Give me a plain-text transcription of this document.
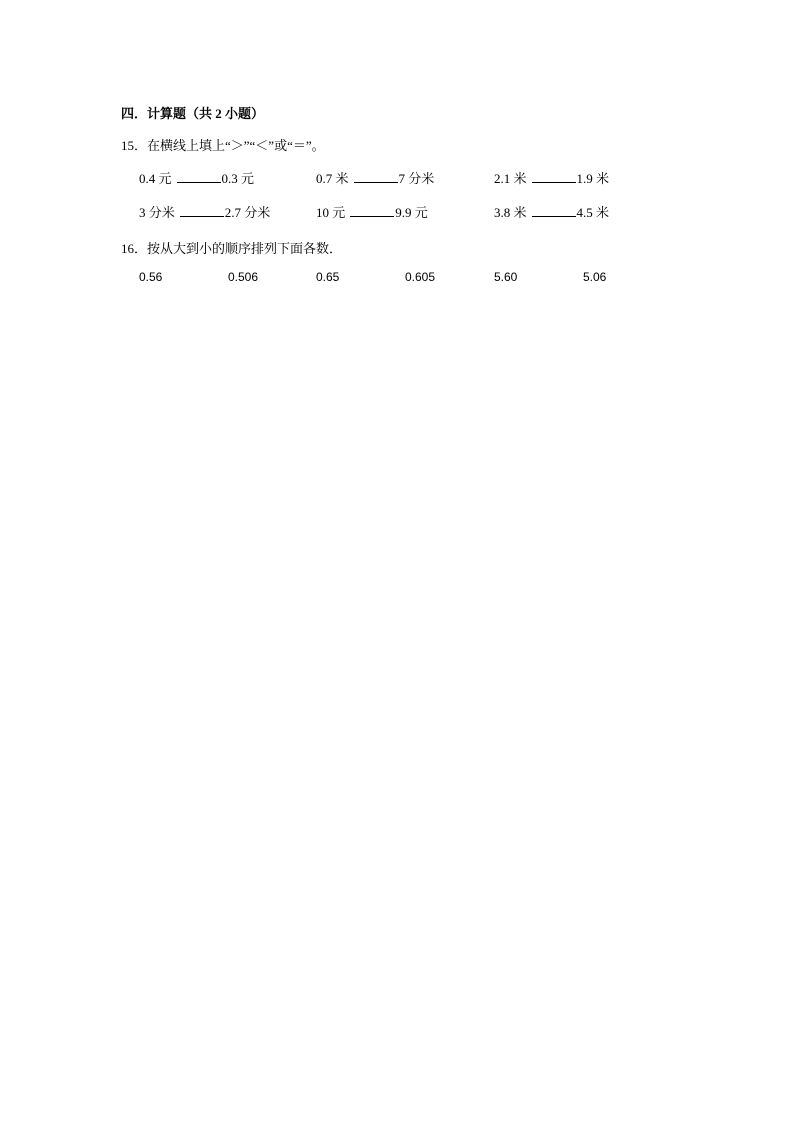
四．计算题（共 2 小题）
15．在横线上填上“＞”“＜”或“＝”。
0.4 元	0.3 元	0.7 米	7 分米	2.1 米	1.9 米
3 分米	2.7 分米	10 元	9.9 元	3.8 米	4.5 米
16．按从大到小的顺序排列下面各数．
0.56	0.506	0.65	0.605	5.60	5.06
